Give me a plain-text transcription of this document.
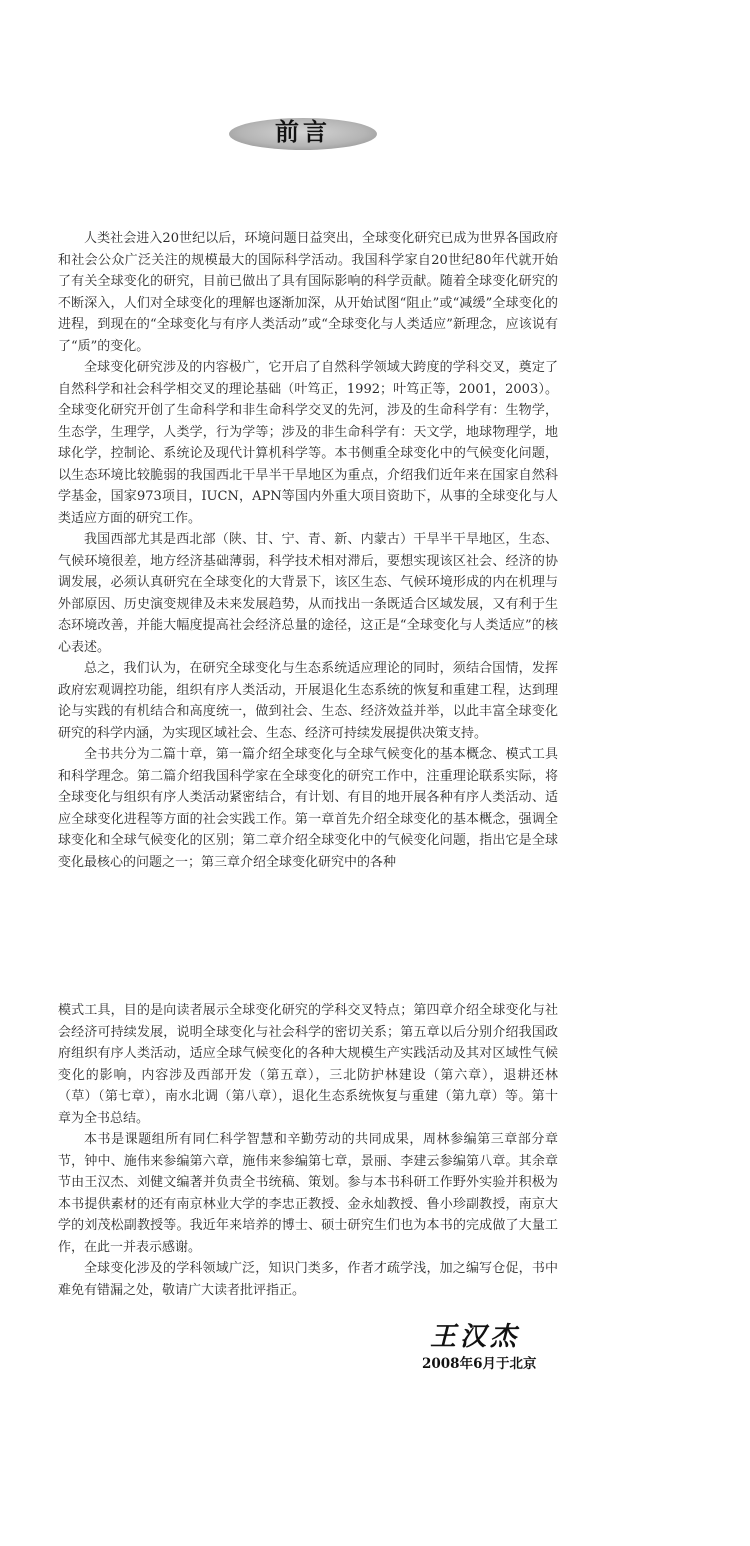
前言

人类社会进入20世纪以后，环境问题日益突出，全球变化研究已成为世界各国政府和社会公众广泛关注的规模最大的国际科学活动。我国科学家自20世纪80年代就开始了有关全球变化的研究，目前已做出了具有国际影响的科学贡献。随着全球变化研究的不断深入，人们对全球变化的理解也逐渐加深，从开始试图“阻止”或“减缓”全球变化的进程，到现在的“全球变化与有序人类活动”或“全球变化与人类适应”新理念，应该说有了“质”的变化。

全球变化研究涉及的内容极广，它开启了自然科学领域大跨度的学科交叉，奠定了自然科学和社会科学相交叉的理论基础（叶笃正，1992；叶笃正等，2001，2003）。全球变化研究开创了生命科学和非生命科学交叉的先河，涉及的生命科学有：生物学，生态学，生理学，人类学，行为学等；涉及的非生命科学有：天文学，地球物理学，地球化学，控制论、系统论及现代计算机科学等。本书侧重全球变化中的气候变化问题，以生态环境比较脆弱的我国西北干旱半干旱地区为重点，介绍我们近年来在国家自然科学基金，国家973项目，IUCN，APN等国内外重大项目资助下，从事的全球变化与人类适应方面的研究工作。

我国西部尤其是西北部（陕、甘、宁、青、新、内蒙古）干旱半干旱地区，生态、气候环境很差，地方经济基础薄弱，科学技术相对滞后，要想实现该区社会、经济的协调发展，必须认真研究在全球变化的大背景下，该区生态、气候环境形成的内在机理与外部原因、历史演变规律及未来发展趋势，从而找出一条既适合区域发展，又有利于生态环境改善，并能大幅度提高社会经济总量的途径，这正是“全球变化与人类适应”的核心表述。

总之，我们认为，在研究全球变化与生态系统适应理论的同时，须结合国情，发挥政府宏观调控功能，组织有序人类活动，开展退化生态系统的恢复和重建工程，达到理论与实践的有机结合和高度统一，做到社会、生态、经济效益并举，以此丰富全球变化研究的科学内涵，为实现区域社会、生态、经济可持续发展提供决策支持。

全书共分为二篇十章，第一篇介绍全球变化与全球气候变化的基本概念、模式工具和科学理念。第二篇介绍我国科学家在全球变化的研究工作中，注重理论联系实际，将全球变化与组织有序人类活动紧密结合，有计划、有目的地开展各种有序人类活动、适应全球变化进程等方面的社会实践工作。第一章首先介绍全球变化的基本概念，强调全球变化和全球气候变化的区别；第二章介绍全球变化中的气候变化问题，指出它是全球变化最核心的问题之一；第三章介绍全球变化研究中的各种

模式工具，目的是向读者展示全球变化研究的学科交叉特点；第四章介绍全球变化与社会经济可持续发展，说明全球变化与社会科学的密切关系；第五章以后分别介绍我国政府组织有序人类活动，适应全球气候变化的各种大规模生产实践活动及其对区域性气候变化的影响，内容涉及西部开发（第五章），三北防护林建设（第六章），退耕还林（草）（第七章），南水北调（第八章），退化生态系统恢复与重建（第九章）等。第十章为全书总结。

本书是课题组所有同仁科学智慧和辛勤劳动的共同成果，周林参编第三章部分章节，钟中、施伟来参编第六章，施伟来参编第七章，景丽、李建云参编第八章。其余章节由王汉杰、刘健文编著并负责全书统稿、策划。参与本书科研工作野外实验并积极为本书提供素材的还有南京林业大学的李忠正教授、金永灿教授、鲁小珍副教授，南京大学的刘茂松副教授等。我近年来培养的博士、硕士研究生们也为本书的完成做了大量工作，在此一并表示感谢。

全球变化涉及的学科领域广泛，知识门类多，作者才疏学浅，加之编写仓促，书中难免有错漏之处，敬请广大读者批评指正。

王汉杰
2008年6月于北京
